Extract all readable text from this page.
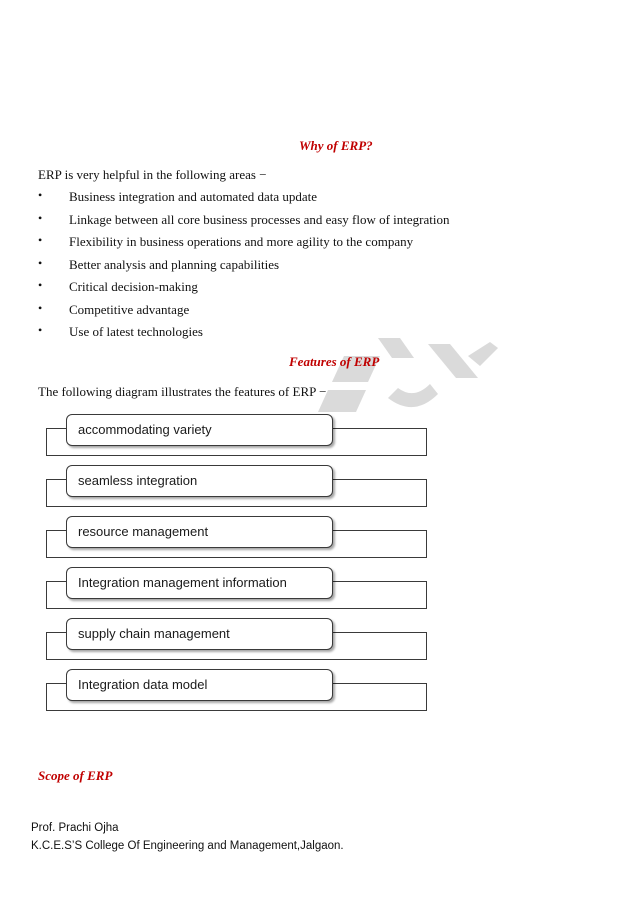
Why of ERP?
ERP is very helpful in the following areas −
• Business integration and automated data update
• Linkage between all core business processes and easy flow of integration
• Flexibility in business operations and more agility to the company
• Better analysis and planning capabilities
• Critical decision-making
• Competitive advantage
• Use of latest technologies
Features of ERP
The following diagram illustrates the features of ERP −
accommodating variety
seamless integration
resource management
Integration management information
supply chain management
Integration data model
Scope of ERP
Prof. Prachi Ojha
K.C.E.S’S College Of Engineering and Management,Jalgaon.
